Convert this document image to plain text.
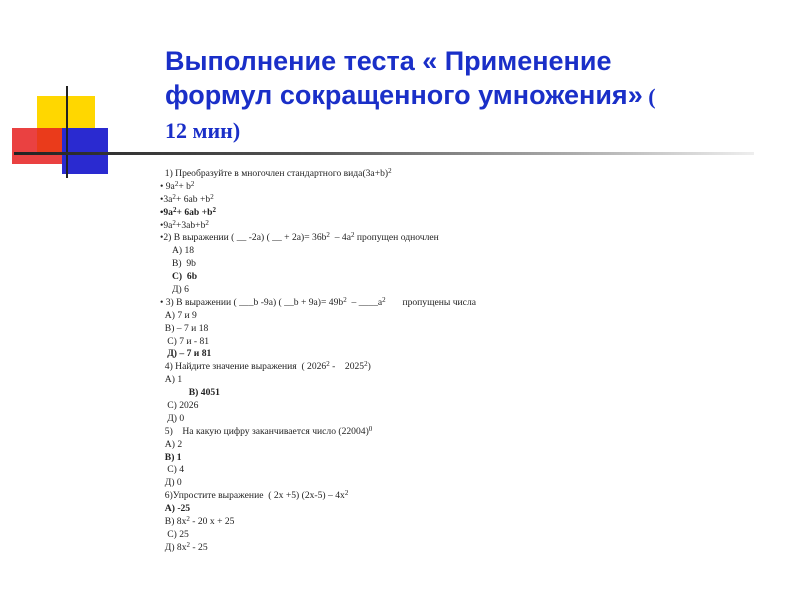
Выполнение теста « Применение
формул сокращенного умножения» (
12 мин)
1) Преобразуйте в многочлен стандартного $вида(3a+b)^2$
• $9a^2+ b^2$
$•3a^2+ 6ab +b^2$
$•9a^2+ 6ab +b^2$
$•9a^2+3ab+b^2$
•2) В выражении ( __ -2a) ( __ + $2a)= 36b^2 - 4a^2$ пропущен одночлен
А) 18
В)  9b
С)  6b
Д) 6
• 3) В выражении ( ___b -9a) ( __b + $9a)= 49b^2$  – $\_\_\_\_a^2$       пропущены числа
А) 7 и 9
В) – 7 и 18
С) 7 и - 81
Д) – 7 и 81
4) Найдите значение выражения  ( 2026$^2$ -    2025$^2$)
А) 1
В) 4051
С) 2026
Д) 0
5)    На какую цифру заканчивается число $(22004)^0$
А) 2
В) 1
С) 4
Д) 0
6)Упростите выражение  ( 2x +5) $(2x-5) - 4x^2$
А) -25
В) $8x^2 - 20$ x + 25
С) 25
Д) $8x^2 - 25$
